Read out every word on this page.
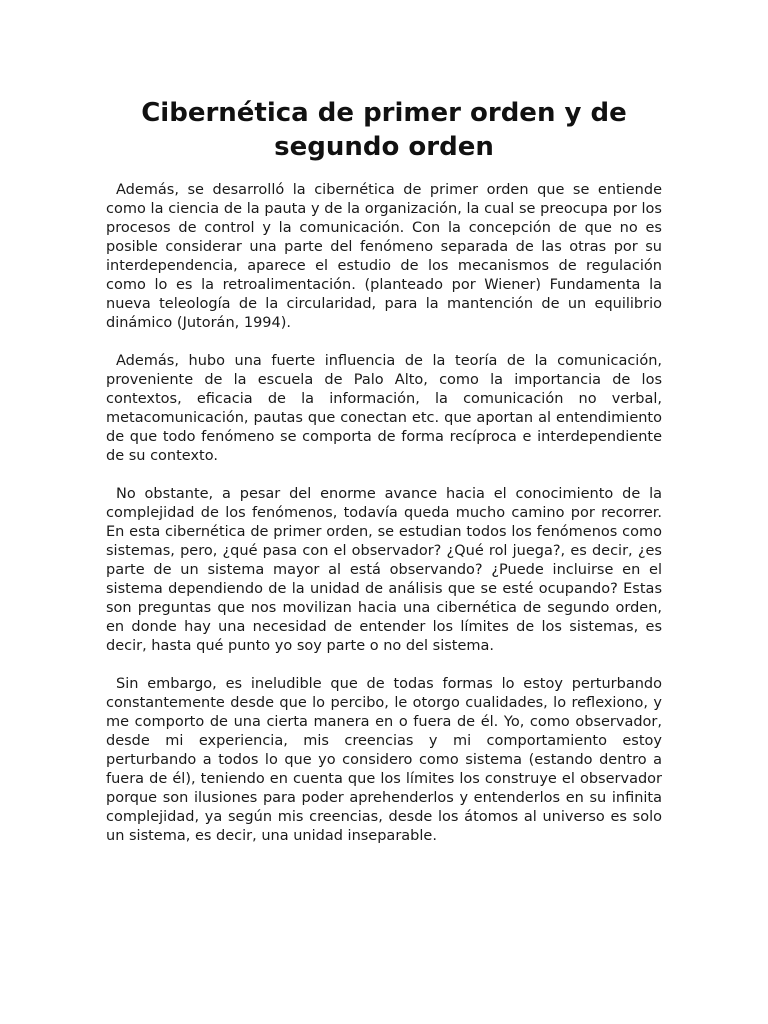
Cibernética de primer orden y de segundo orden

Además, se desarrolló la cibernética de primer orden que se entiende como la ciencia de la pauta y de la organización, la cual se preocupa por los procesos de control y la comunicación. Con la concepción de que no es posible considerar una parte del fenómeno separada de las otras por su interdependencia, aparece el estudio de los mecanismos de regulación como lo es la retroalimentación. (planteado por Wiener) Fundamenta la nueva teleología de la circularidad, para la mantención de un equilibrio dinámico (Jutorán, 1994).

Además, hubo una fuerte influencia de la teoría de la comunicación, proveniente de la escuela de Palo Alto, como la importancia de los contextos, eficacia de la información, la comunicación no verbal, metacomunicación, pautas que conectan etc. que aportan al entendimiento de que todo fenómeno se comporta de forma recíproca e interdependiente de su contexto.

No obstante, a pesar del enorme avance hacia el conocimiento de la complejidad de los fenómenos, todavía queda mucho camino por recorrer. En esta cibernética de primer orden, se estudian todos los fenómenos como sistemas, pero, ¿qué pasa con el observador? ¿Qué rol juega?, es decir, ¿es parte de un sistema mayor al está observando? ¿Puede incluirse en el sistema dependiendo de la unidad de análisis que se esté ocupando? Estas son preguntas que nos movilizan hacia una cibernética de segundo orden, en donde hay una necesidad de entender los límites de los sistemas, es decir, hasta qué punto yo soy parte o no del sistema.

Sin embargo, es ineludible que de todas formas lo estoy perturbando constantemente desde que lo percibo, le otorgo cualidades, lo reflexiono, y me comporto de una cierta manera en o fuera de él. Yo, como observador, desde mi experiencia, mis creencias y mi comportamiento estoy perturbando a todos lo que yo considero como sistema (estando dentro a fuera de él), teniendo en cuenta que los límites los construye el observador porque son ilusiones para poder aprehenderlos y entenderlos en su infinita complejidad, ya según mis creencias, desde los átomos al universo es solo un sistema, es decir, una unidad inseparable.
